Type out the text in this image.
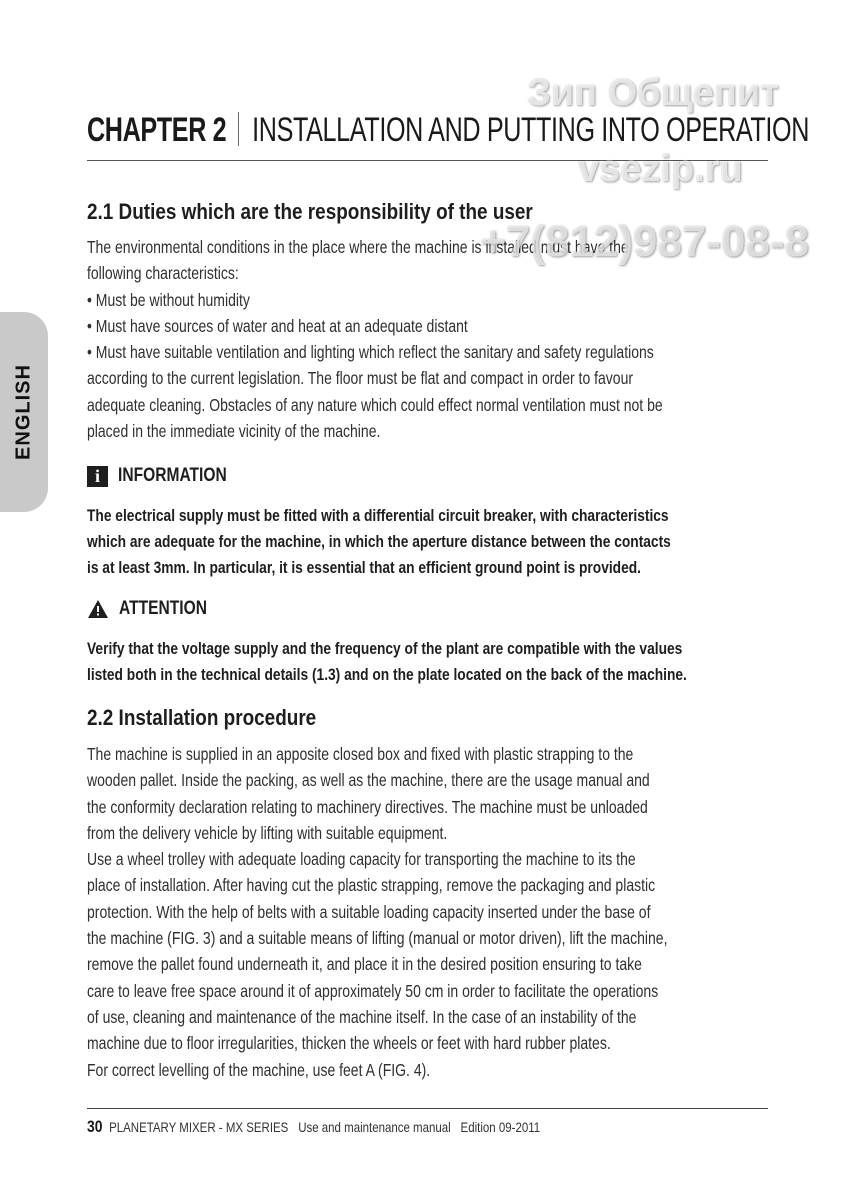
ENGLISH
CHAPTER 2 INSTALLATION AND PUTTING INTO OPERATION
2.1 Duties which are the responsibility of the user
The environmental conditions in the place where the machine is installed must have the
following characteristics:
• Must be without humidity
• Must have sources of water and heat at an adequate distant
• Must have suitable ventilation and lighting which reflect the sanitary and safety regulations
according to the current legislation. The floor must be flat and compact in order to favour
adequate cleaning. Obstacles of any nature which could effect normal ventilation must not be
placed in the immediate vicinity of the machine.
i INFORMATION
The electrical supply must be fitted with a differential circuit breaker, with characteristics
which are adequate for the machine, in which the aperture distance between the contacts
is at least 3mm. In particular, it is essential that an efficient ground point is provided.
ATTENTION
Verify that the voltage supply and the frequency of the plant are compatible with the values
listed both in the technical details (1.3) and on the plate located on the back of the machine.
2.2 Installation procedure
The machine is supplied in an apposite closed box and fixed with plastic strapping to the
wooden pallet. Inside the packing, as well as the machine, there are the usage manual and
the conformity declaration relating to machinery directives. The machine must be unloaded
from the delivery vehicle by lifting with suitable equipment.
Use a wheel trolley with adequate loading capacity for transporting the machine to its the
place of installation. After having cut the plastic strapping, remove the packaging and plastic
protection. With the help of belts with a suitable loading capacity inserted under the base of
the machine (FIG. 3) and a suitable means of lifting (manual or motor driven), lift the machine,
remove the pallet found underneath it, and place it in the desired position ensuring to take
care to leave free space around it of approximately 50 cm in order to facilitate the operations
of use, cleaning and maintenance of the machine itself. In the case of an instability of the
machine due to floor irregularities, thicken the wheels or feet with hard rubber plates.
For correct levelling of the machine, use feet A (FIG. 4).
Зип Общепит
vsezip.ru
+7(812)987-08-8
30 PLANETARY MIXER - MX SERIES Use and maintenance manual Edition 09-2011
